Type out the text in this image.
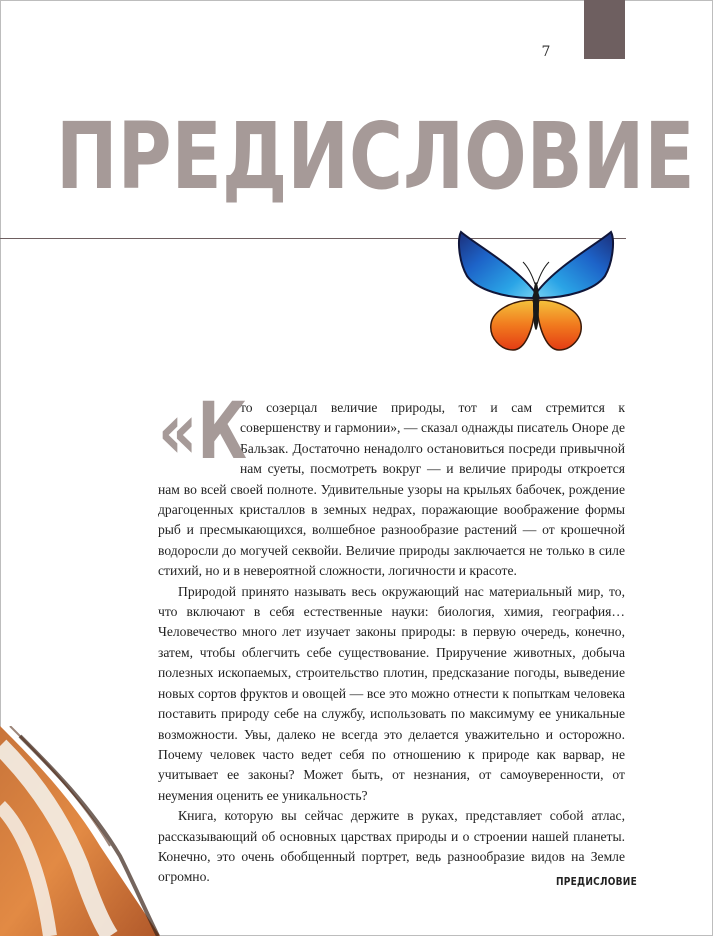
7
ПРЕДИСЛОВИЕ

«К
то созерцал величие природы, тот и сам стремится к совершенству и гармонии», — сказал однажды писатель Оноре де Бальзак. Достаточно ненадолго остановиться посреди привычной нам суеты, посмотреть вокруг — и величие природы откроется нам во всей своей полноте. Удивительные узоры на крыльях бабочек, рождение драгоценных кристаллов в земных недрах, поражающие воображение формы рыб и пресмыкающихся, волшебное разнообразие растений — от крошечной водоросли до могучей секвойи. Величие природы заключается не только в силе стихий, но и в невероятной сложности, логичности и красоте.

Природой принято называть весь окружающий нас материальный мир, то, что включают в себя естественные науки: биология, химия, география… Человечество много лет изучает законы природы: в первую очередь, конечно, затем, чтобы облегчить себе существование. Приручение животных, добыча полезных ископаемых, строительство плотин, предсказание погоды, выведение новых сортов фруктов и овощей — все это можно отнести к попыткам человека поставить природу себе на службу, использовать по максимуму ее уникальные возможности. Увы, далеко не всегда это делается уважительно и осторожно. Почему человек часто ведет себя по отношению к природе как варвар, не учитывает ее законы? Может быть, от незнания, от самоуверенности, от неумения оценить ее уникальность?

Книга, которую вы сейчас держите в руках, представляет собой атлас, рассказывающий об основных царствах природы и о строении нашей планеты. Конечно, это очень обобщенный портрет, ведь разнообразие видов на Земле огромно.	ПРЕДИСЛОВИЕ
